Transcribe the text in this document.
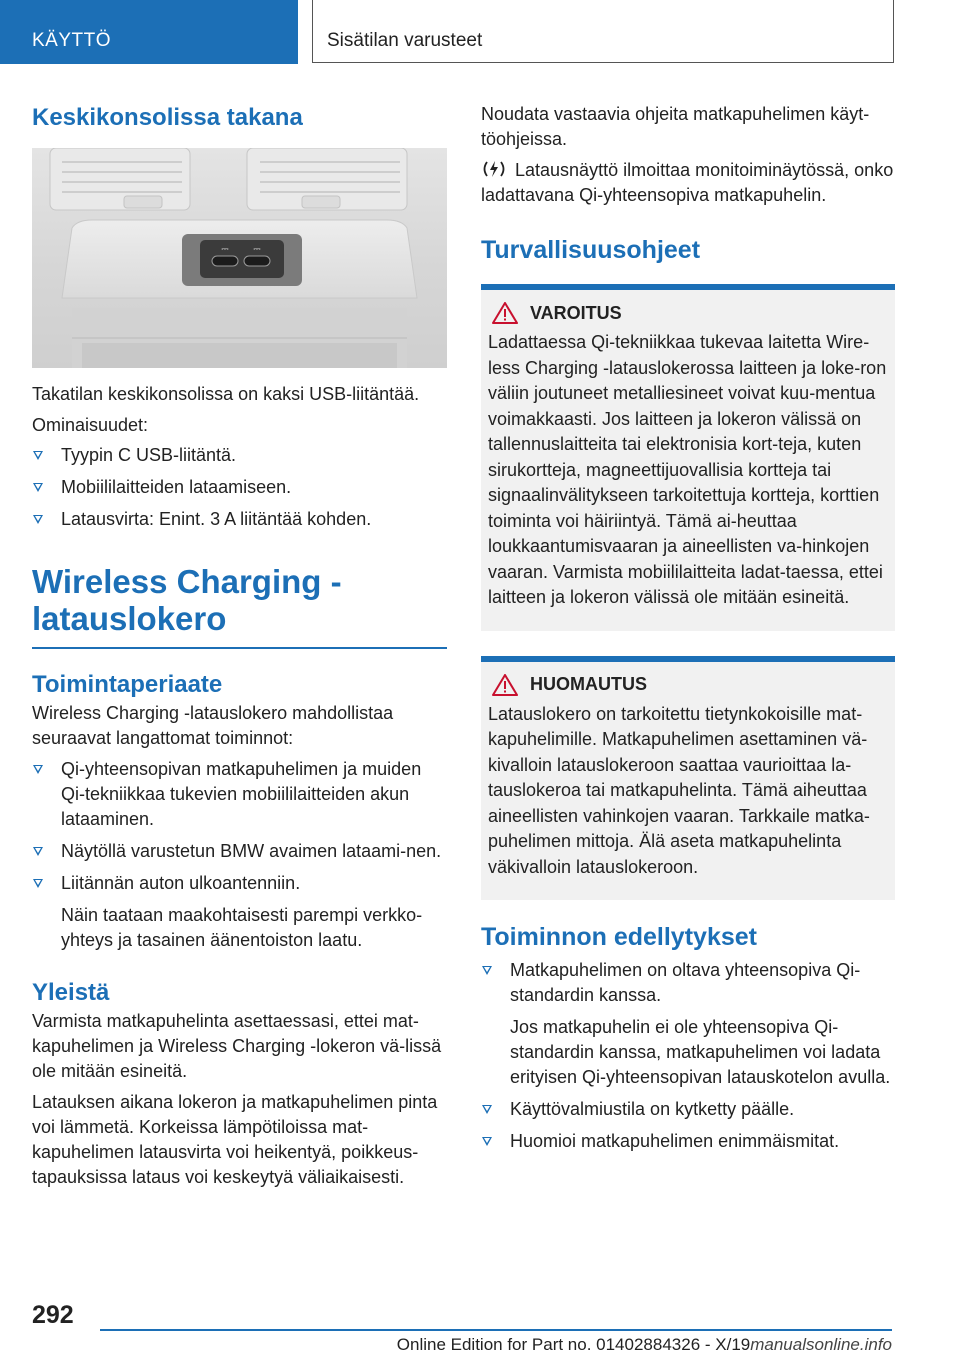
KÄYTTÖ	Sisätilan varusteet

Keskikonsolissa takana

⎓	⎓

Takatilan keskikonsolissa on kaksi USB-liitäntää.

Ominaisuudet:

Tyypin C USB-liitäntä.
Mobiililaitteiden lataamiseen.
Latausvirta: Enint. 3 A liitäntää kohden.

Wireless Charging -

latauslokero

Toimintaperiaate

Wireless Charging -latauslokero mahdollistaa seuraavat langattomat toiminnot:

Qi-yhteensopivan matkapuhelimen ja muiden Qi-tekniikkaa tukevien mobiililaitteiden akun lataaminen.
Näytöllä varustetun BMW avaimen lataami-nen.
Liitännän auton ulkoantenniin.

Näin taataan maakohtaisesti parempi verkko-yhteys ja tasainen äänentoiston laatu.

Yleistä

Varmista matkapuhelinta asettaessasi, ettei mat-kapuhelimen ja Wireless Charging -lokeron vä-lissä ole mitään esineitä.

Latauksen aikana lokeron ja matkapuhelimen pinta voi lämmetä. Korkeissa lämpötiloissa mat-kapuhelimen latausvirta voi heikentyä, poikkeus-tapauksissa lataus voi keskeytyä väliaikaisesti.

Noudata vastaavia ohjeita matkapuhelimen käyt-töohjeissa.

Latausnäyttö ilmoittaa monitoiminäytössä, onko ladattavana Qi-yhteensopiva matkapuhelin.

Turvallisuusohjeet

VAROITUS

Ladattaessa Qi-tekniikkaa tukevaa laitetta Wire-less Charging -latauslokerossa laitteen ja loke-ron väliin joutuneet metalliesineet voivat kuu-mentua voimakkaasti. Jos laitteen ja lokeron välissä on tallennuslaitteita tai elektronisia kort-teja, kuten sirukortteja, magneettijuovallisia kortteja tai signaalinvälitykseen tarkoitettuja kortteja, korttien toiminta voi häiriintyä. Tämä ai-heuttaa loukkaantumisvaaran ja aineellisten va-hinkojen vaaran. Varmista mobiililaitteita ladat-taessa, ettei laitteen ja lokeron välissä ole mitään esineitä.

HUOMAUTUS

Latauslokero on tarkoitettu tietynkokoisille mat-kapuhelimille. Matkapuhelimen asettaminen vä-kivalloin latauslokeroon saattaa vaurioittaa la-tauslokeroa tai matkapuhelinta. Tämä aiheuttaa aineellisten vahinkojen vaaran. Tarkkaile matka-puhelimen mittoja. Älä aseta matkapuhelinta väkivalloin latauslokeroon.

Toiminnon edellytykset

Matkapuhelimen on oltava yhteensopiva Qi-standardin kanssa.

Jos matkapuhelin ei ole yhteensopiva Qi-standardin kanssa, matkapuhelimen voi ladata erityisen Qi-yhteensopivan latauskotelon avulla.

Käyttövalmiustila on kytketty päälle.
Huomioi matkapuhelimen enimmäismitat.
292
Online Edition for Part no. 01402884326 - X/19manualsonline.info
